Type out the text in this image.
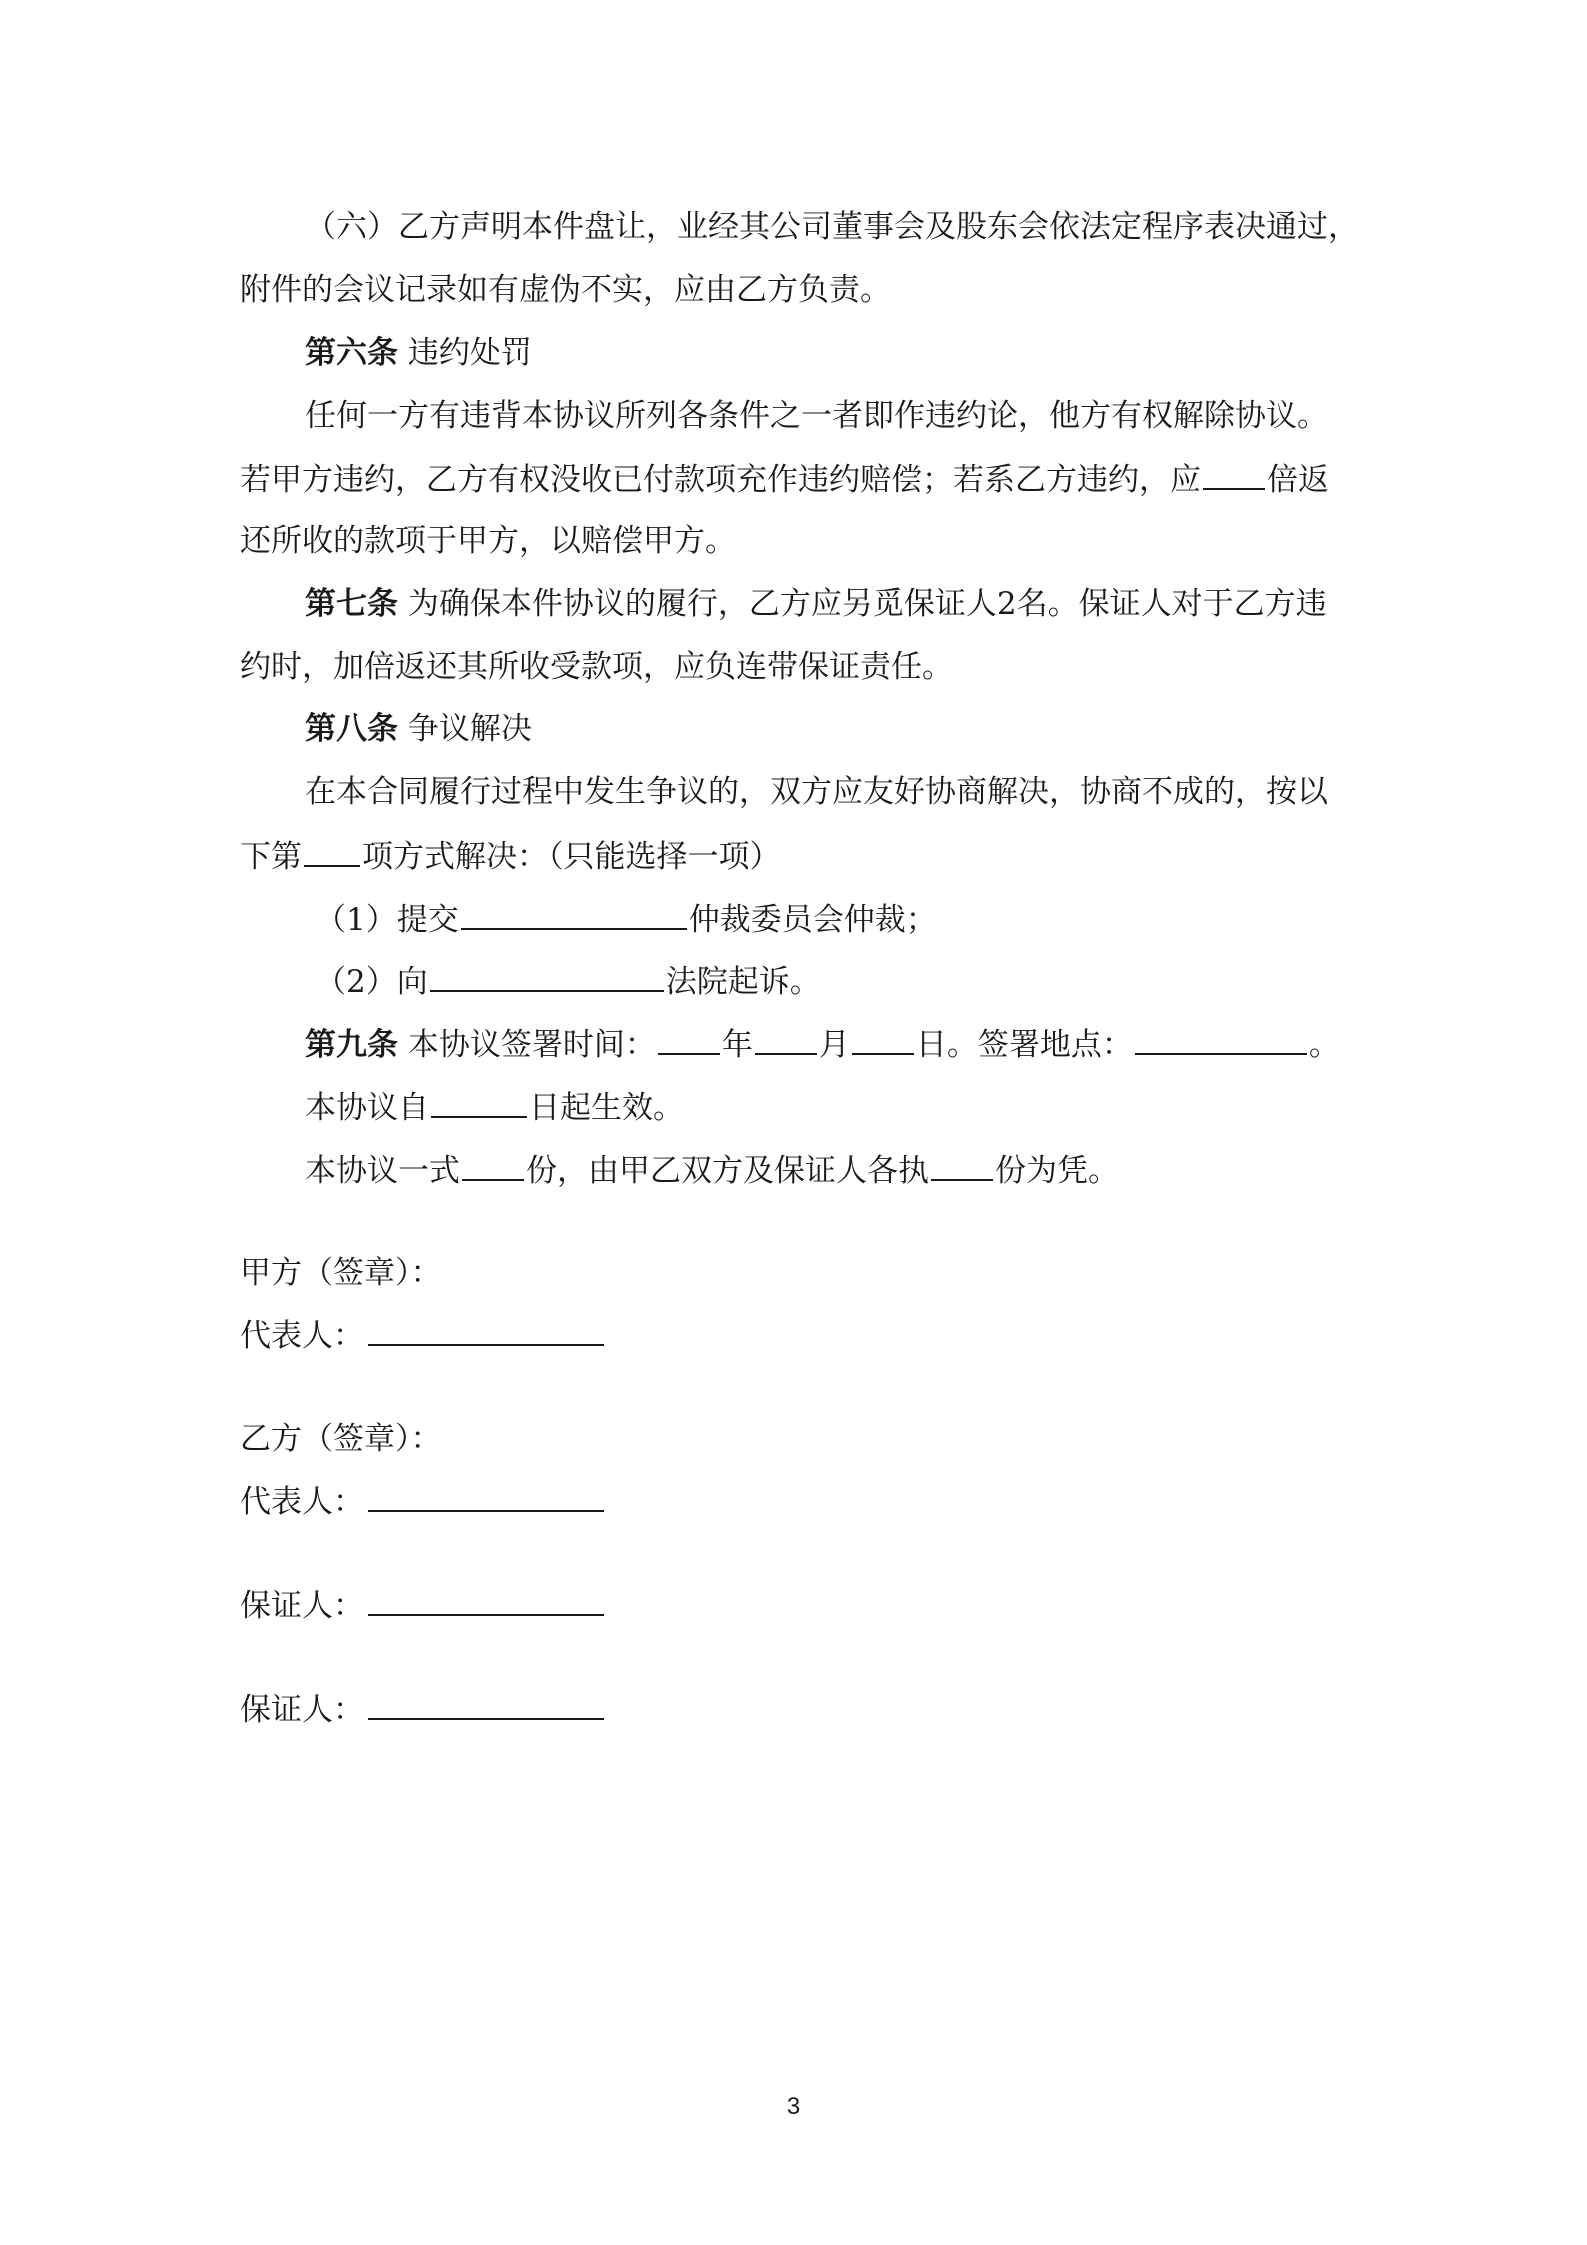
（六）乙方声明本件盘让，业经其公司董事会及股东会依法定程序表决通过，
附件的会议记录如有虚伪不实，应由乙方负责。
第六条 违约处罚
任何一方有违背本协议所列各条件之一者即作违约论，他方有权解除协议。
若甲方违约，乙方有权没收已付款项充作违约赔偿；若系乙方违约，应 倍返
还所收的款项于甲方，以赔偿甲方。
第七条 为确保本件协议的履行，乙方应另觅保证人2名。保证人对于乙方违
约时，加倍返还其所收受款项，应负连带保证责任。
第八条 争议解决
在本合同履行过程中发生争议的，双方应友好协商解决，协商不成的，按以
下第 项方式解决：（只能选择一项）
（1）提交	仲裁委员会仲裁；
（2）向	法院起诉。
第九条 本协议签署时间： 年 月 日。签署地点：	。
本协议自	日起生效。
本协议一式 份，由甲乙双方及保证人各执 份为凭。
甲方（签章）：
代表人：
乙方（签章）：
代表人：
保证人：
保证人：
3
